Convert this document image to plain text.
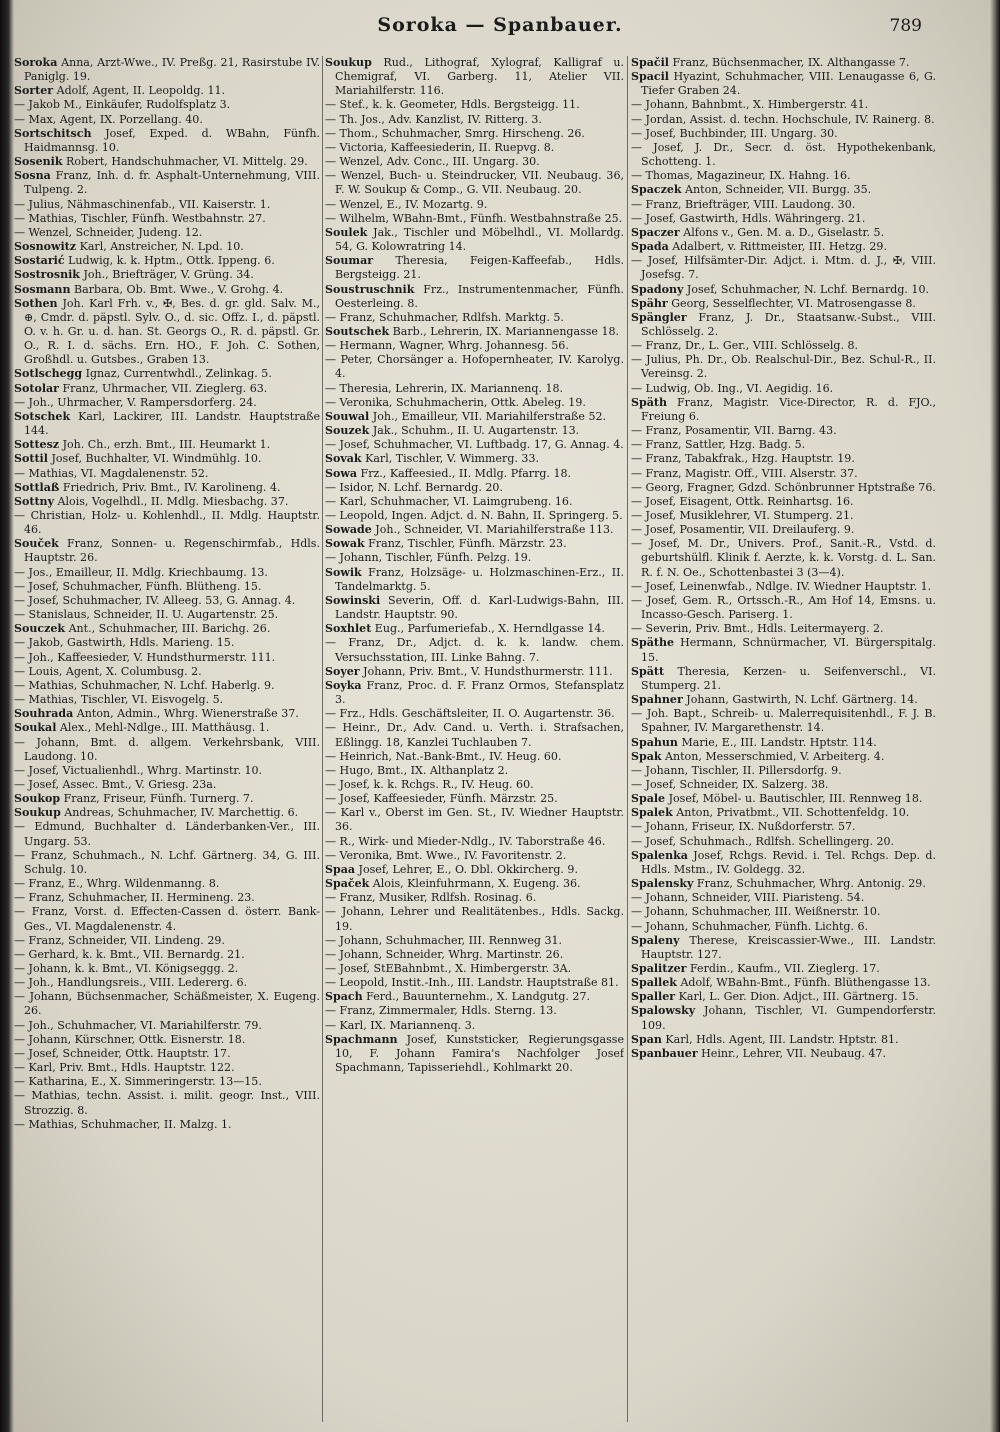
Soroka — Spanbauer.	789

Soroka Anna, Arzt-Wwe., IV. Preßg. 21, Rasirstube IV. Paniglg. 19.

Sorter Adolf, Agent, II. Leopoldg. 11.

— Jakob M., Einkäufer, Rudolfsplatz 3.

— Max, Agent, IX. Porzellang. 40.

Sortschitsch Josef, Exped. d. WBahn, Fünfh. Haidmannsg. 10.

Sosenik Robert, Handschuhmacher, VI. Mittelg. 29.

Sosna Franz, Inh. d. fr. Asphalt-Unternehmung, VIII. Tulpeng. 2.

— Julius, Nähmaschinenfab., VII. Kaiserstr. 1.

— Mathias, Tischler, Fünfh. Westbahnstr. 27.

— Wenzel, Schneider, Judeng. 12.

Sosnowitz Karl, Anstreicher, N. Lpd. 10.

Sostarić Ludwig, k. k. Hptm., Ottk. Ippeng. 6.

Sostrosnik Joh., Briefträger, V. Grüng. 34.

Sosmann Barbara, Ob. Bmt. Wwe., V. Grohg. 4.

Sothen Joh. Karl Frh. v., ✠, Bes. d. gr. gld. Salv. M., ⊕, Cmdr. d. päpstl. Sylv. O., d. sic. Offz. I., d. päpstl. O. v. h. Gr. u. d. han. St. Georgs O., R. d. päpstl. Gr. O., R. I. d. sächs. Ern. HO., F. Joh. C. Sothen, Großhdl. u. Gutsbes., Graben 13.

Sotlschegg Ignaz, Currentwhdl., Zelinkag. 5.

Sotolar Franz, Uhrmacher, VII. Zieglerg. 63.

— Joh., Uhrmacher, V. Rampersdorferg. 24.

Sotschek Karl, Lackirer, III. Landstr. Hauptstraße 144.

Sottesz Joh. Ch., erzh. Bmt., III. Heumarkt 1.

Sottil Josef, Buchhalter, VI. Windmühlg. 10.

— Mathias, VI. Magdalenenstr. 52.

Sottlaß Friedrich, Priv. Bmt., IV. Karolineng. 4.

Sottny Alois, Vogelhdl., II. Mdlg. Miesbachg. 37.

— Christian, Holz- u. Kohlenhdl., II. Mdlg. Hauptstr. 46.

Souček Franz, Sonnen- u. Regenschirmfab., Hdls. Hauptstr. 26.

— Jos., Emailleur, II. Mdlg. Kriechbaumg. 13.

— Josef, Schuhmacher, Fünfh. Blütheng. 15.

— Josef, Schuhmacher, IV. Alleeg. 53, G. Annag. 4.

— Stanislaus, Schneider, II. U. Augartenstr. 25.

Souczek Ant., Schuhmacher, III. Barichg. 26.

— Jakob, Gastwirth, Hdls. Marieng. 15.

— Joh., Kaffeesieder, V. Hundsthurmerstr. 111.

— Louis, Agent, X. Columbusg. 2.

— Mathias, Schuhmacher, N. Lchf. Haberlg. 9.

— Mathias, Tischler, VI. Eisvogelg. 5.

Souhrada Anton, Admin., Whrg. Wienerstraße 37.

Soukal Alex., Mehl-Ndlge., III. Matthäusg. 1.

— Johann, Bmt. d. allgem. Verkehrsbank, VIII. Laudong. 10.

— Josef, Victualienhdl., Whrg. Martinstr. 10.

— Josef, Assec. Bmt., V. Griesg. 23a.

Soukop Franz, Friseur, Fünfh. Turnerg. 7.

Soukup Andreas, Schuhmacher, IV. Marchettig. 6.

— Edmund, Buchhalter d. Länderbanken-Ver., III. Ungarg. 53.

— Franz, Schuhmach., N. Lchf. Gärtnerg. 34, G. III. Schulg. 10.

— Franz, E., Whrg. Wildenmanng. 8.

— Franz, Schuhmacher, II. Hermineng. 23.

— Franz, Vorst. d. Effecten-Cassen d. österr. Bank-Ges., VI. Magdalenenstr. 4.

— Franz, Schneider, VII. Lindeng. 29.

— Gerhard, k. k. Bmt., VII. Bernardg. 21.

— Johann, k. k. Bmt., VI. Königseggg. 2.

— Joh., Handlungsreis., VIII. Ledererg. 6.

— Johann, Büchsenmacher, Schäßmeister, X. Eugeng. 26.

— Joh., Schuhmacher, VI. Mariahilferstr. 79.

— Johann, Kürschner, Ottk. Eisnerstr. 18.

— Josef, Schneider, Ottk. Hauptstr. 17.

— Karl, Priv. Bmt., Hdls. Hauptstr. 122.

— Katharina, E., X. Simmeringerstr. 13—15.

— Mathias, techn. Assist. i. milit. geogr. Inst., VIII. Strozzig. 8.

— Mathias, Schuhmacher, II. Malzg. 1.

Soukup Rud., Lithograf, Xylograf, Kalligraf u. Chemigraf, VI. Garberg. 11, Atelier VII. Mariahilferstr. 116.

— Stef., k. k. Geometer, Hdls. Bergsteigg. 11.

— Th. Jos., Adv. Kanzlist, IV. Ritterg. 3.

— Thom., Schuhmacher, Smrg. Hirscheng. 26.

— Victoria, Kaffeesiederin, II. Ruepvg. 8.

— Wenzel, Adv. Conc., III. Ungarg. 30.

— Wenzel, Buch- u. Steindrucker, VII. Neubaug. 36, F. W. Soukup & Comp., G. VII. Neubaug. 20.

— Wenzel, E., IV. Mozartg. 9.

— Wilhelm, WBahn-Bmt., Fünfh. Westbahnstraße 25.

Soulek Jak., Tischler und Möbelhdl., VI. Mollardg. 54, G. Kolowratring 14.

Soumar Theresia, Feigen-Kaffeefab., Hdls. Bergsteigg. 21.

Soustruschnik Frz., Instrumentenmacher, Fünfh. Oesterleing. 8.

— Franz, Schuhmacher, Rdlfsh. Marktg. 5.

Soutschek Barb., Lehrerin, IX. Mariannengasse 18.

— Hermann, Wagner, Whrg. Johannesg. 56.

— Peter, Chorsänger a. Hofopernheater, IV. Karolyg. 4.

— Theresia, Lehrerin, IX. Mariannenq. 18.

— Veronika, Schuhmacherin, Ottk. Abeleg. 19.

Souwal Joh., Emailleur, VII. Mariahilferstraße 52.

Souzek Jak., Schuhm., II. U. Augartenstr. 13.

— Josef, Schuhmacher, VI. Luftbadg. 17, G. Annag. 4.

Sovak Karl, Tischler, V. Wimmerg. 33.

Sowa Frz., Kaffeesied., II. Mdlg. Pfarrg. 18.

— Isidor, N. Lchf. Bernardg. 20.

— Karl, Schuhmacher, VI. Laimgrubeng. 16.

— Leopold, Ingen. Adjct. d. N. Bahn, II. Springerg. 5.

Sowade Joh., Schneider, VI. Mariahilferstraße 113.

Sowak Franz, Tischler, Fünfh. Märzstr. 23.

— Johann, Tischler, Fünfh. Pelzg. 19.

Sowik Franz, Holzsäge- u. Holzmaschinen-Erz., II. Tandelmarktg. 5.

Sowinski Severin, Off. d. Karl-Ludwigs-Bahn, III. Landstr. Hauptstr. 90.

Soxhlet Eug., Parfumeriefab., X. Herndlgasse 14.

— Franz, Dr., Adjct. d. k. k. landw. chem. Versuchsstation, III. Linke Bahng. 7.

Soyer Johann, Priv. Bmt., V. Hundsthurmerstr. 111.

Soyka Franz, Proc. d. F. Franz Ormos, Stefansplatz 3.

— Frz., Hdls. Geschäftsleiter, II. O. Augartenstr. 36.

— Heinr., Dr., Adv. Cand. u. Verth. i. Strafsachen, Eßlingg. 18, Kanzlei Tuchlauben 7.

— Heinrich, Nat.-Bank-Bmt., IV. Heug. 60.

— Hugo, Bmt., IX. Althanplatz 2.

— Josef, k. k. Rchgs. R., IV. Heug. 60.

— Josef, Kaffeesieder, Fünfh. Märzstr. 25.

— Karl v., Oberst im Gen. St., IV. Wiedner Hauptstr. 36.

— R., Wirk- und Mieder-Ndlg., IV. Taborstraße 46.

— Veronika, Bmt. Wwe., IV. Favoritenstr. 2.

Spaa Josef, Lehrer, E., O. Dbl. Okkircherg. 9.

Spaček Alois, Kleinfuhrmann, X. Eugeng. 36.

— Franz, Musiker, Rdlfsh. Rosinag. 6.

— Johann, Lehrer und Realitätenbes., Hdls. Sackg. 19.

— Johann, Schuhmacher, III. Rennweg 31.

— Johann, Schneider, Whrg. Martinstr. 26.

— Josef, StEBahnbmt., X. Himbergerstr. 3A.

— Leopold, Instit.-Inh., III. Landstr. Hauptstraße 81.

Spach Ferd., Bauunternehm., X. Landgutg. 27.

— Franz, Zimmermaler, Hdls. Sterng. 13.

— Karl, IX. Mariannenq. 3.

Spachmann Josef, Kunststicker, Regierungsgasse 10, F. Johann Famira's Nachfolger Josef Spachmann, Tapisseriehdl., Kohlmarkt 20.

Spačil Franz, Büchsenmacher, IX. Althangasse 7.

Spacil Hyazint, Schuhmacher, VIII. Lenaugasse 6, G. Tiefer Graben 24.

— Johann, Bahnbmt., X. Himbergerstr. 41.

— Jordan, Assist. d. techn. Hochschule, IV. Rainerg. 8.

— Josef, Buchbinder, III. Ungarg. 30.

— Josef, J. Dr., Secr. d. öst. Hypothekenbank, Schotteng. 1.

— Thomas, Magazineur, IX. Hahng. 16.

Spaczek Anton, Schneider, VII. Burgg. 35.

— Franz, Briefträger, VIII. Laudong. 30.

— Josef, Gastwirth, Hdls. Währingerg. 21.

Spaczer Alfons v., Gen. M. a. D., Giselastr. 5.

Spada Adalbert, v. Rittmeister, III. Hetzg. 29.

— Josef, Hilfsämter-Dir. Adjct. i. Mtm. d. J., ✠, VIII. Josefsg. 7.

Spadony Josef, Schuhmacher, N. Lchf. Bernardg. 10.

Spähr Georg, Sesselflechter, VI. Matrosengasse 8.

Spängler Franz, J. Dr., Staatsanw.-Subst., VIII. Schlösselg. 2.

— Franz, Dr., L. Ger., VIII. Schlösselg. 8.

— Julius, Ph. Dr., Ob. Realschul-Dir., Bez. Schul-R., II. Vereinsg. 2.

— Ludwig, Ob. Ing., VI. Aegidig. 16.

Späth Franz, Magistr. Vice-Director, R. d. FJO., Freiung 6.

— Franz, Posamentir, VII. Barng. 43.

— Franz, Sattler, Hzg. Badg. 5.

— Franz, Tabakfrak., Hzg. Hauptstr. 19.

— Franz, Magistr. Off., VIII. Alserstr. 37.

— Georg, Fragner, Gdzd. Schönbrunner Hptstraße 76.

— Josef, Eisagent, Ottk. Reinhartsg. 16.

— Josef, Musiklehrer, VI. Stumperg. 21.

— Josef, Posamentir, VII. Dreilauferg. 9.

— Josef, M. Dr., Univers. Prof., Sanit.-R., Vstd. d. geburtshülfl. Klinik f. Aerzte, k. k. Vorstg. d. L. San. R. f. N. Oe., Schottenbastei 3 (3—4).

— Josef, Leinenwfab., Ndlge. IV. Wiedner Hauptstr. 1.

— Josef, Gem. R., Ortssch.-R., Am Hof 14, Emsns. u. Incasso-Gesch. Pariserg. 1.

— Severin, Priv. Bmt., Hdls. Leitermayerg. 2.

Späthe Hermann, Schnürmacher, VI. Bürgerspitalg. 15.

Spätt Theresia, Kerzen- u. Seifenverschl., VI. Stumperg. 21.

Spahner Johann, Gastwirth, N. Lchf. Gärtnerg. 14.

— Joh. Bapt., Schreib- u. Malerrequisitenhdl., F. J. B. Spahner, IV. Margarethenstr. 14.

Spahun Marie, E., III. Landstr. Hptstr. 114.

Spak Anton, Messerschmied, V. Arbeiterg. 4.

— Johann, Tischler, II. Pillersdorfg. 9.

— Josef, Schneider, IX. Salzerg. 38.

Spale Josef, Möbel- u. Bautischler, III. Rennweg 18.

Spalek Anton, Privatbmt., VII. Schottenfeldg. 10.

— Johann, Friseur, IX. Nußdorferstr. 57.

— Josef, Schuhmach., Rdlfsh. Schellingerg. 20.

Spalenka Josef, Rchgs. Revid. i. Tel. Rchgs. Dep. d. Hdls. Mstm., IV. Goldegg. 32.

Spalensky Franz, Schuhmacher, Whrg. Antonig. 29.

— Johann, Schneider, VIII. Piaristeng. 54.

— Johann, Schuhmacher, III. Weißnerstr. 10.

— Johann, Schuhmacher, Fünfh. Lichtg. 6.

Spaleny Therese, Kreiscassier-Wwe., III. Landstr. Hauptstr. 127.

Spalitzer Ferdin., Kaufm., VII. Zieglerg. 17.

Spallek Adolf, WBahn-Bmt., Fünfh. Blüthengasse 13.

Spaller Karl, L. Ger. Dion. Adjct., III. Gärtnerg. 15.

Spalowsky Johann, Tischler, VI. Gumpendorferstr. 109.

Span Karl, Hdls. Agent, III. Landstr. Hptstr. 81.

Spanbauer Heinr., Lehrer, VII. Neubaug. 47.
